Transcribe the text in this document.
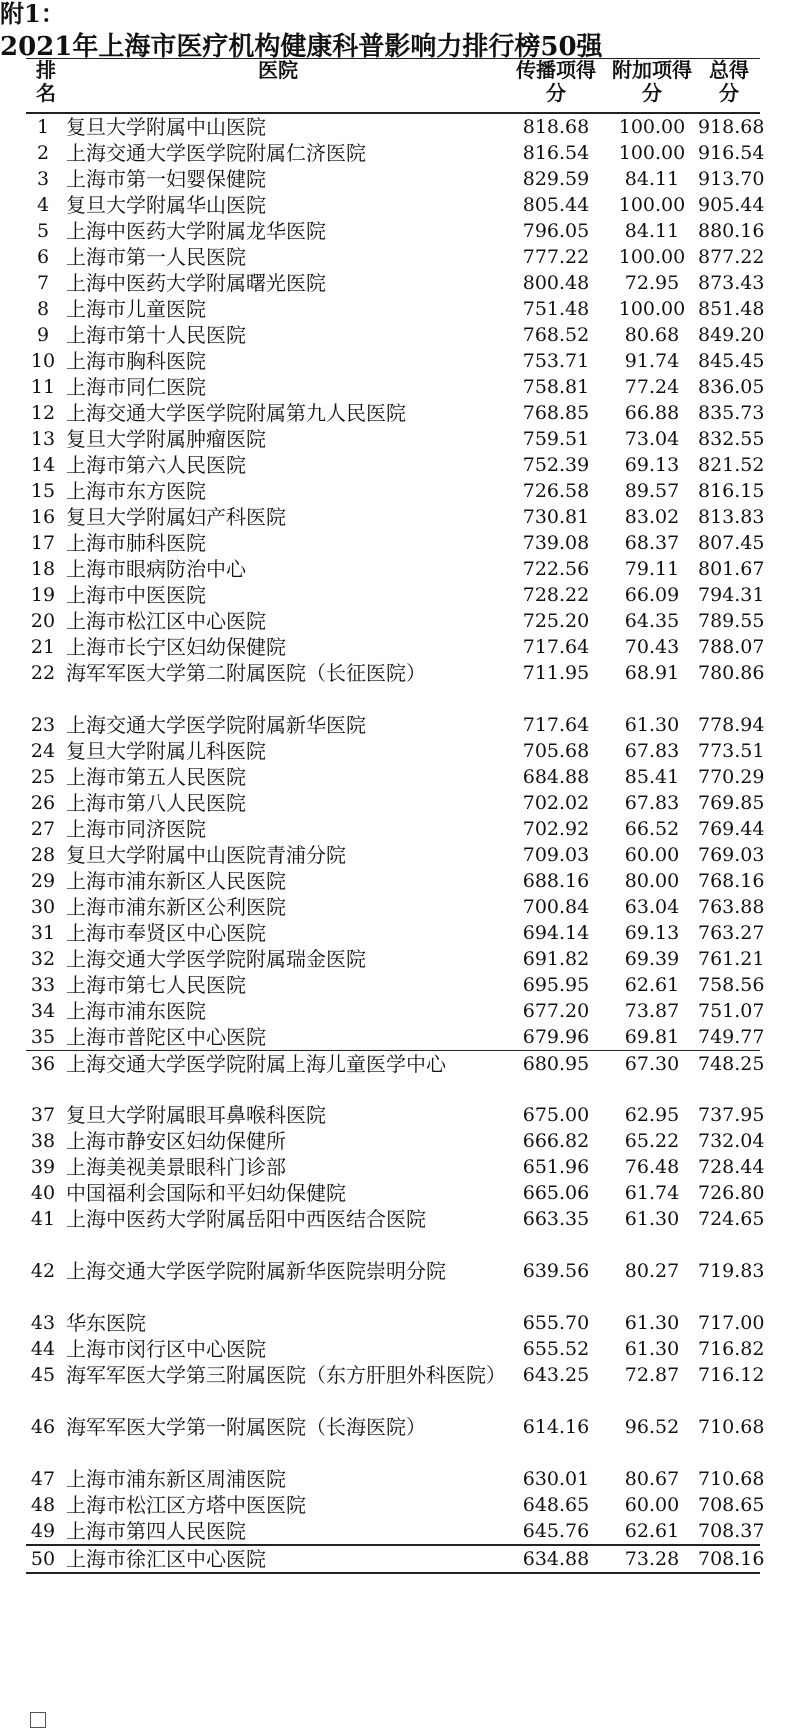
附1：
2021年上海市医疗机构健康科普影响力排行榜50强
排名	医院	传播项得分	附加项得分	总得分
1	复旦大学附属中山医院	818.68	100.00	918.68
2	上海交通大学医学院附属仁济医院	816.54	100.00	916.54
3	上海市第一妇婴保健院	829.59	84.11	913.70
4	复旦大学附属华山医院	805.44	100.00	905.44
5	上海中医药大学附属龙华医院	796.05	84.11	880.16
6	上海市第一人民医院	777.22	100.00	877.22
7	上海中医药大学附属曙光医院	800.48	72.95	873.43
8	上海市儿童医院	751.48	100.00	851.48
9	上海市第十人民医院	768.52	80.68	849.20
10	上海市胸科医院	753.71	91.74	845.45
11	上海市同仁医院	758.81	77.24	836.05
12	上海交通大学医学院附属第九人民医院	768.85	66.88	835.73
13	复旦大学附属肿瘤医院	759.51	73.04	832.55
14	上海市第六人民医院	752.39	69.13	821.52
15	上海市东方医院	726.58	89.57	816.15
16	复旦大学附属妇产科医院	730.81	83.02	813.83
17	上海市肺科医院	739.08	68.37	807.45
18	上海市眼病防治中心	722.56	79.11	801.67
19	上海市中医医院	728.22	66.09	794.31
20	上海市松江区中心医院	725.20	64.35	789.55
21	上海市长宁区妇幼保健院	717.64	70.43	788.07
22	海军军医大学第二附属医院（长征医院）	711.95	68.91	780.86
23	上海交通大学医学院附属新华医院	717.64	61.30	778.94
24	复旦大学附属儿科医院	705.68	67.83	773.51
25	上海市第五人民医院	684.88	85.41	770.29
26	上海市第八人民医院	702.02	67.83	769.85
27	上海市同济医院	702.92	66.52	769.44
28	复旦大学附属中山医院青浦分院	709.03	60.00	769.03
29	上海市浦东新区人民医院	688.16	80.00	768.16
30	上海市浦东新区公利医院	700.84	63.04	763.88
31	上海市奉贤区中心医院	694.14	69.13	763.27
32	上海交通大学医学院附属瑞金医院	691.82	69.39	761.21
33	上海市第七人民医院	695.95	62.61	758.56
34	上海市浦东医院	677.20	73.87	751.07
35	上海市普陀区中心医院	679.96	69.81	749.77
36	上海交通大学医学院附属上海儿童医学中心	680.95	67.30	748.25
37	复旦大学附属眼耳鼻喉科医院	675.00	62.95	737.95
38	上海市静安区妇幼保健所	666.82	65.22	732.04
39	上海美视美景眼科门诊部	651.96	76.48	728.44
40	中国福利会国际和平妇幼保健院	665.06	61.74	726.80
41	上海中医药大学附属岳阳中西医结合医院	663.35	61.30	724.65
42	上海交通大学医学院附属新华医院崇明分院	639.56	80.27	719.83
43	华东医院	655.70	61.30	717.00
44	上海市闵行区中心医院	655.52	61.30	716.82
45	海军军医大学第三附属医院（东方肝胆外科医院）	643.25	72.87	716.12
46	海军军医大学第一附属医院（长海医院）	614.16	96.52	710.68
47	上海市浦东新区周浦医院	630.01	80.67	710.68
48	上海市松江区方塔中医医院	648.65	60.00	708.65
49	上海市第四人民医院	645.76	62.61	708.37
50	上海市徐汇区中心医院	634.88	73.28	708.16
